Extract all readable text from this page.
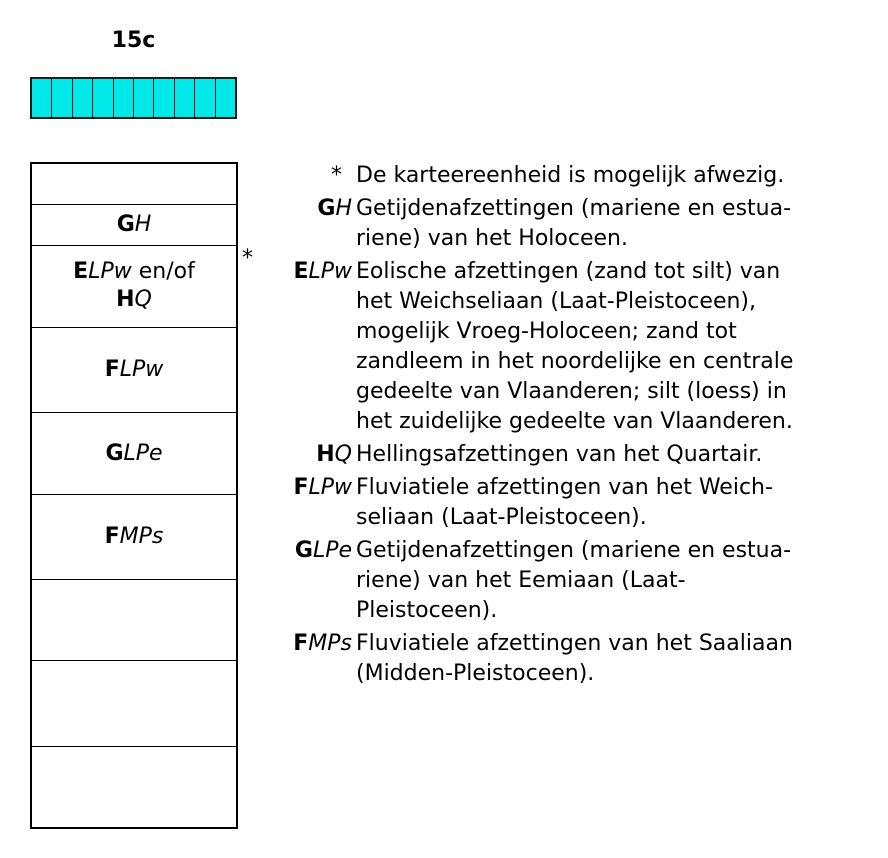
15c
GH
ELPw en/of
HQ
FLPw
GLPe
FMPs
*
* De karteereenheid is mogelijk afwezig.
GH Getijdenafzettingen (mariene en estua-
riene) van het Holoceen.
ELPw Eolische afzettingen (zand tot silt) van
het Weichseliaan (Laat-Pleistoceen),
mogelijk Vroeg-Holoceen; zand tot
zandleem in het noordelijke en centrale
gedeelte van Vlaanderen; silt (loess) in
het zuidelijke gedeelte van Vlaanderen.
HQ Hellingsafzettingen van het Quartair.
FLPw Fluviatiele afzettingen van het Weich-
seliaan (Laat-Pleistoceen).
GLPe Getijdenafzettingen (mariene en estua-
riene) van het Eemiaan (Laat-
Pleistoceen).
FMPs Fluviatiele afzettingen van het Saaliaan
(Midden-Pleistoceen).
